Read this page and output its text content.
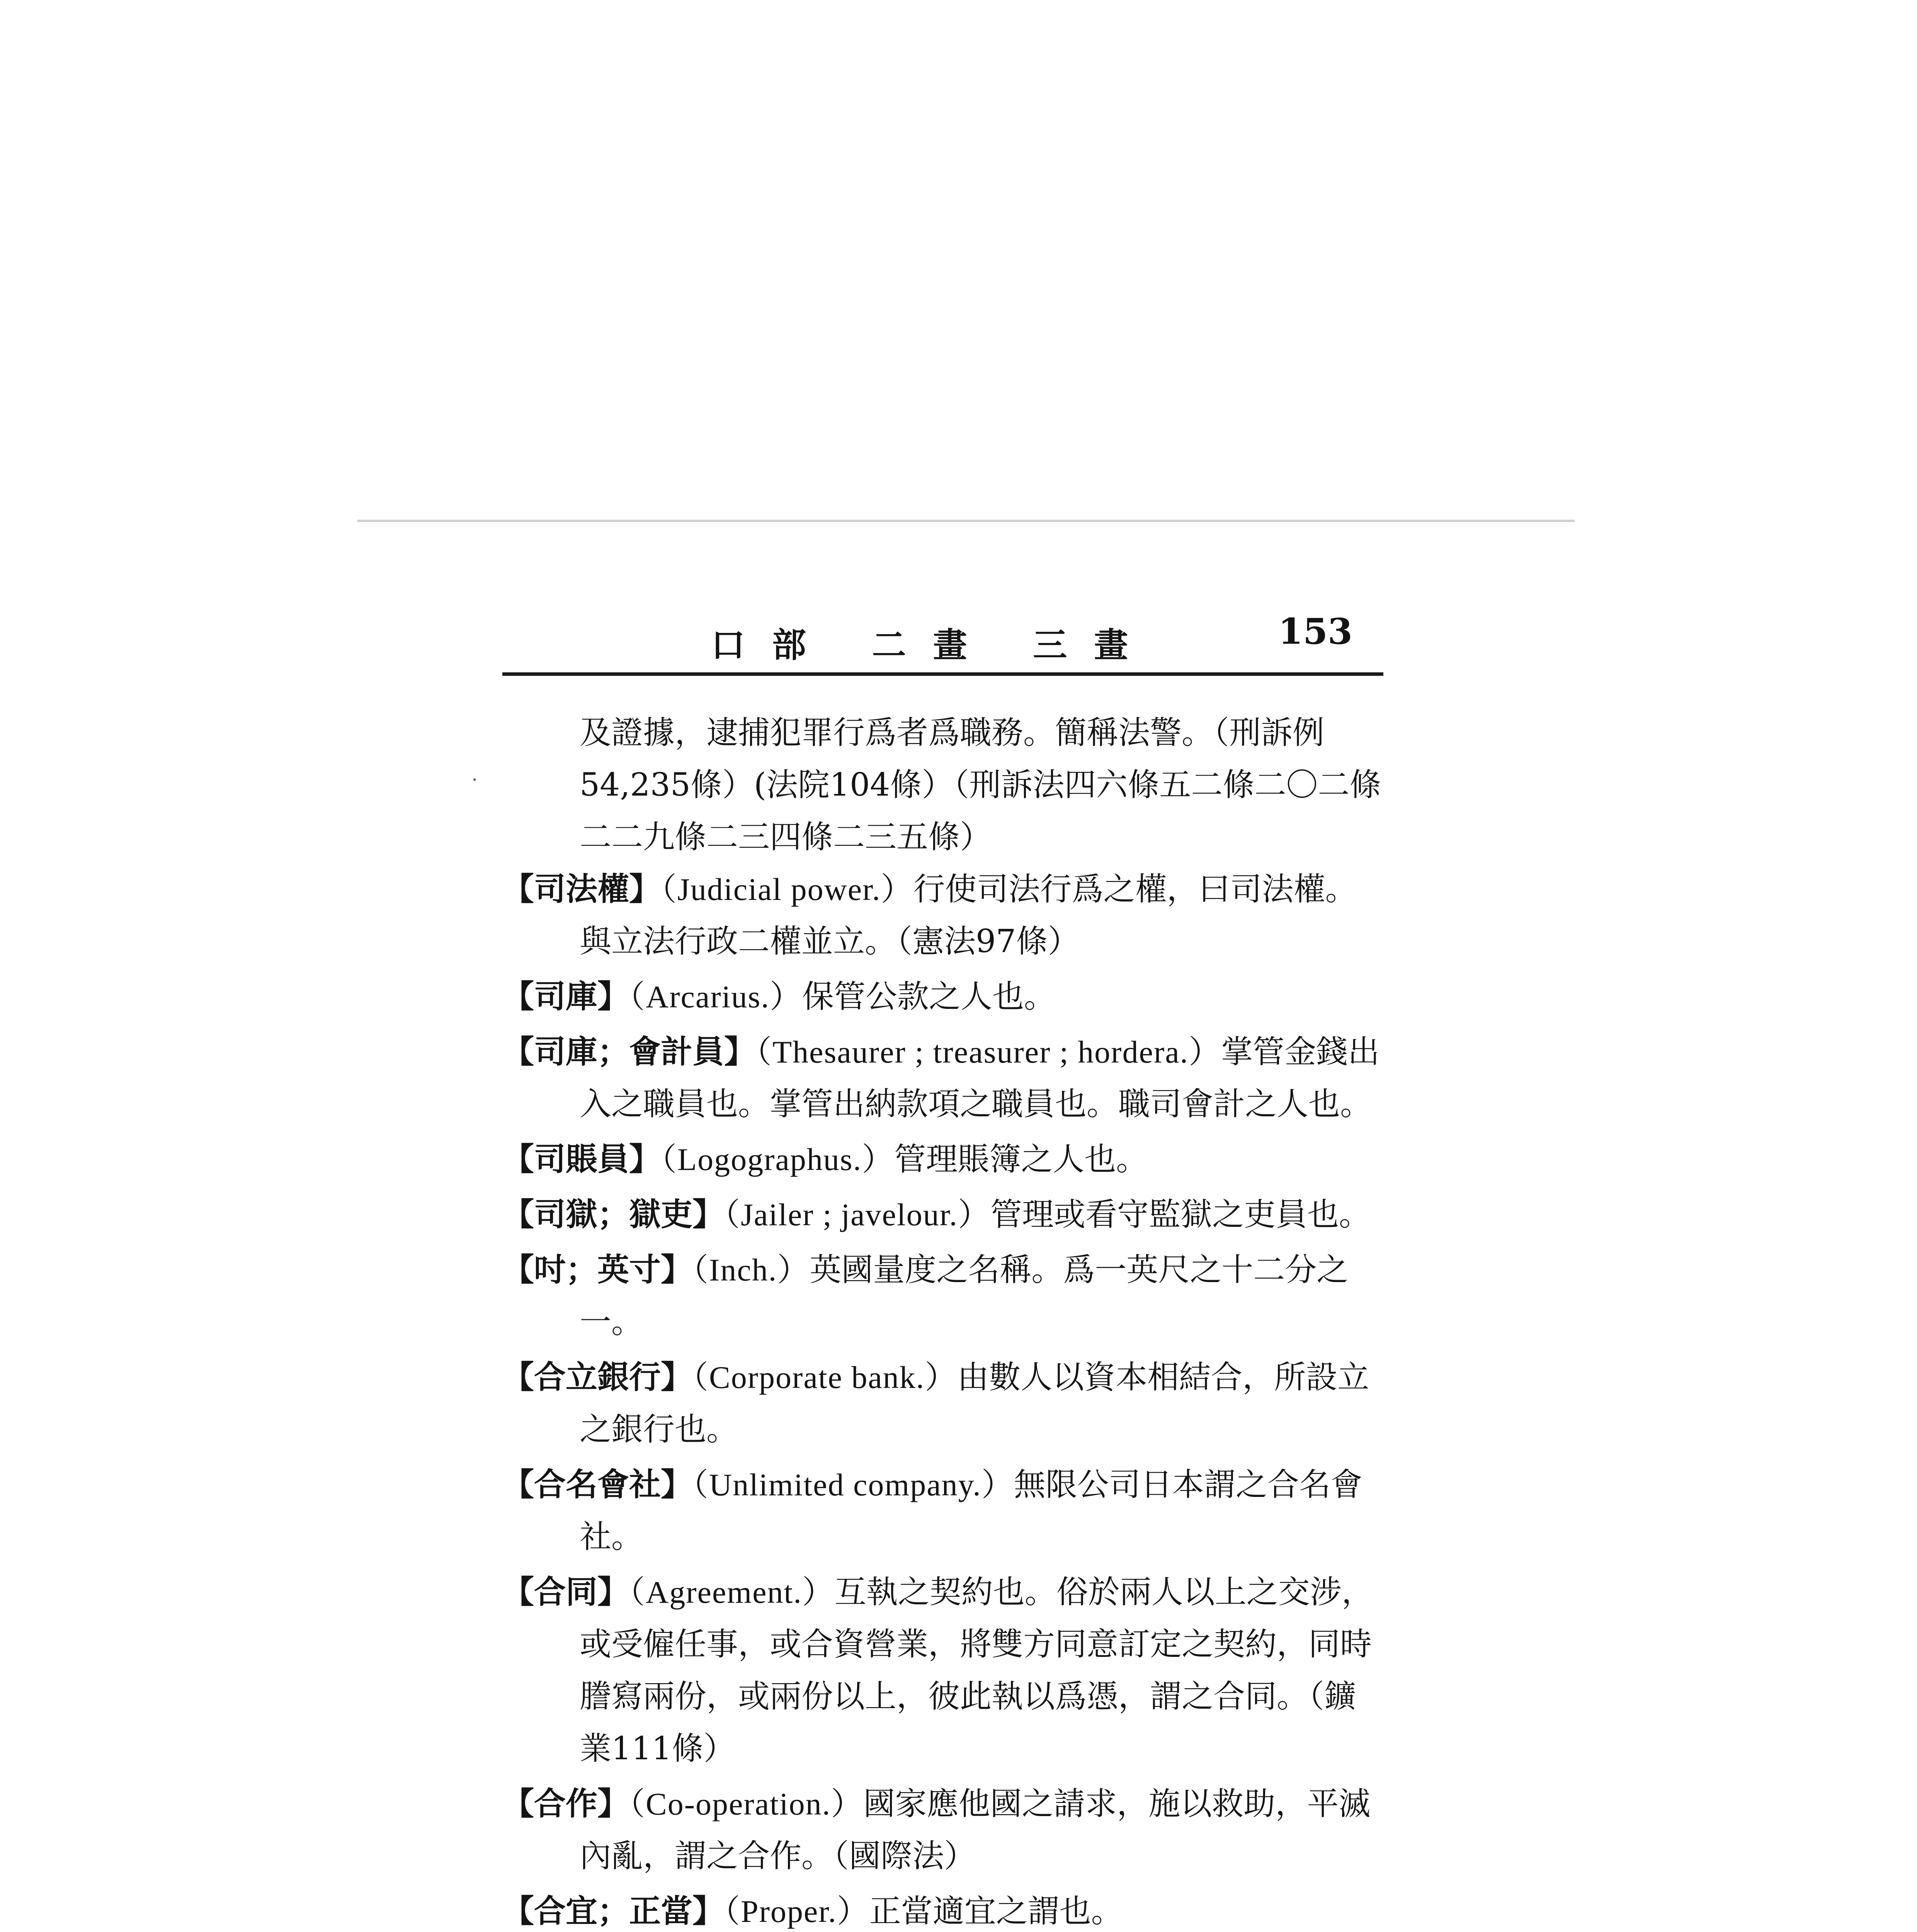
口部 二畫 三畫	153
·
及證據，逮捕犯罪行爲者爲職務。簡稱法警。（刑訴例54,235條）(法院104條）（刑訴法四六條五二條二〇二條二二九條二三四條二三五條）
【司法權】（Judicial power.）行使司法行爲之權，曰司法權。與立法行政二權並立。（憲法97條）
【司庫】（Arcarius.）保管公款之人也。
【司庫；會計員】（Thesaurer ; treasurer ; hordera.）掌管金錢出入之職員也。掌管出納款項之職員也。職司會計之人也。
【司賬員】（Logographus.）管理賬簿之人也。
【司獄；獄吏】（Jailer ; javelour.）管理或看守監獄之吏員也。
【吋；英寸】（Inch.）英國量度之名稱。爲一英尺之十二分之一。
【合立銀行】（Corporate bank.）由數人以資本相結合，所設立之銀行也。
【合名會社】（Unlimited company.）無限公司日本謂之合名會社。
【合同】（Agreement.）互執之契約也。俗於兩人以上之交涉，或受僱任事，或合資營業，將雙方同意訂定之契約，同時謄寫兩份，或兩份以上，彼此執以爲憑，謂之合同。（鑛業111條）
【合作】（Co-operation.）國家應他國之請求，施以救助，平滅內亂，謂之合作。（國際法）
【合宜；正當】（Proper.）正當適宜之謂也。
